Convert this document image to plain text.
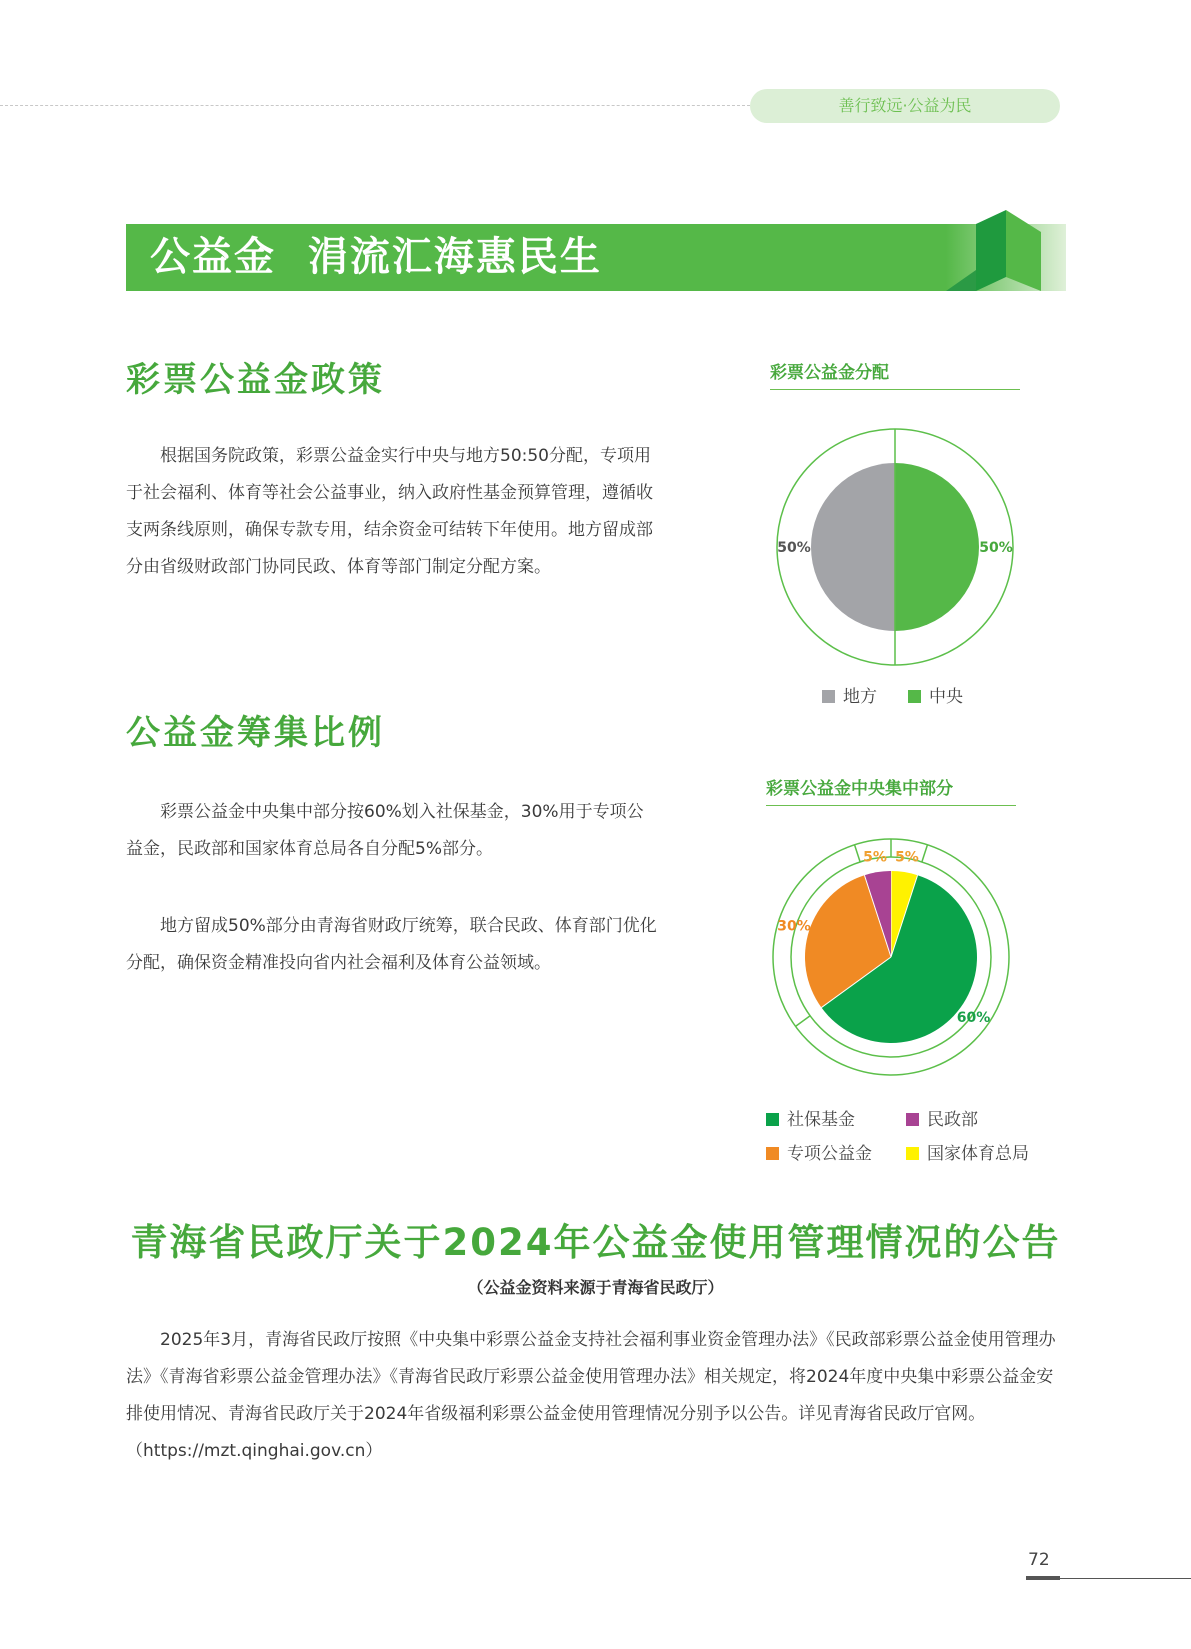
善行致远·公益为民
公益金  涓流汇海惠民生
彩票公益金政策

根据国务院政策，彩票公益金实行中央与地方50:50分配，专项用于社会福利、体育等社会公益事业，纳入政府性基金预算管理，遵循收支两条线原则，确保专款专用，结余资金可结转下年使用。地方留成部分由省级财政部门协同民政、体育等部门制定分配方案。

公益金筹集比例

彩票公益金中央集中部分按60%划入社保基金，30%用于专项公益金，民政部和国家体育总局各自分配5%部分。

地方留成50%部分由青海省财政厅统筹，联合民政、体育部门优化分配，确保资金精准投向省内社会福利及体育公益领域。

彩票公益金分配
50%
50%
地方	中央
彩票公益金中央集中部分
5%
60%
30%
5%
社保基金	民政部
专项公益金	国家体育总局
青海省民政厅关于2024年公益金使用管理情况的公告
（公益金资料来源于青海省民政厅）

2025年3月，青海省民政厅按照《中央集中彩票公益金支持社会福利事业资金管理办法》《民政部彩票公益金使用管理办法》《青海省彩票公益金管理办法》《青海省民政厅彩票公益金使用管理办法》相关规定，将2024年度中央集中彩票公益金安排使用情况、青海省民政厅关于2024年省级福利彩票公益金使用管理情况分别予以公告。详见青海省民政厅官网。（https://mzt.qinghai.gov.cn）

72
